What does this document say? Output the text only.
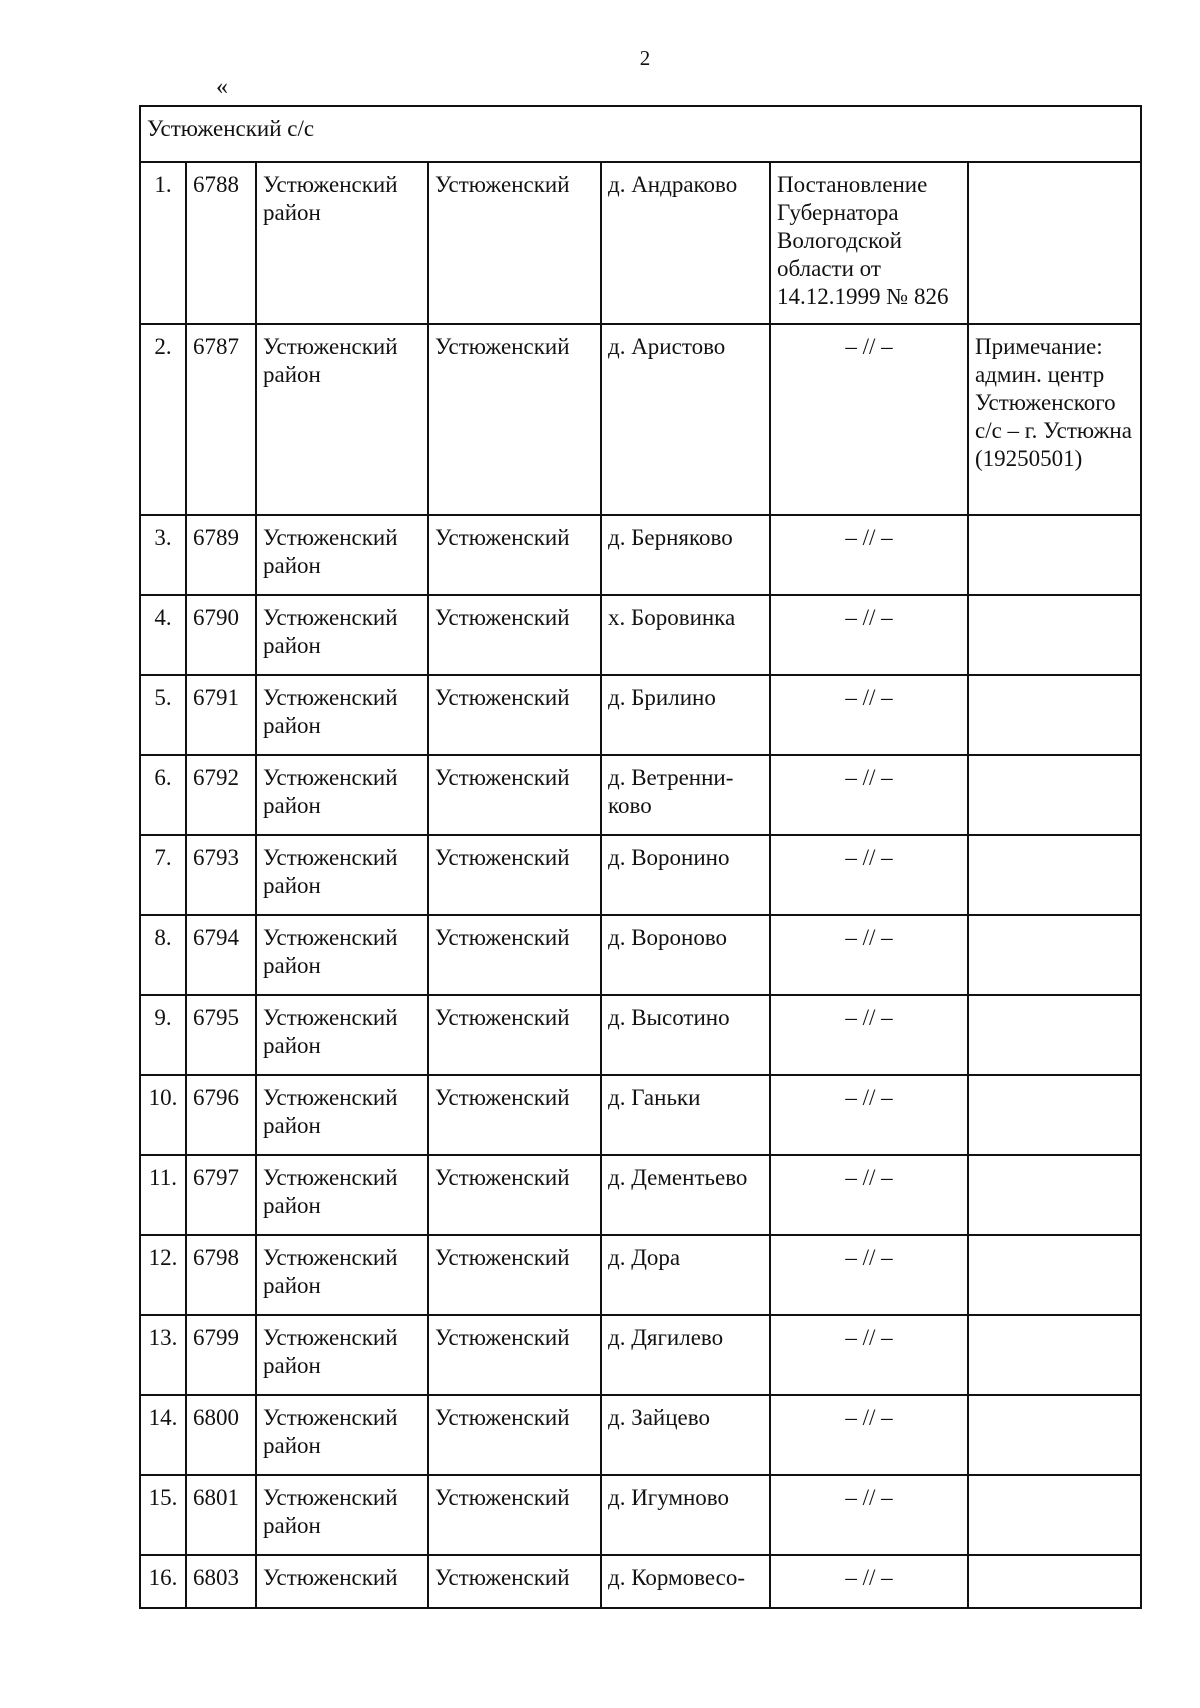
2
«
Устюженский с/с						
1.	6788	Устюженский район	Устюженский	д. Андраково	Постановление Губернатора Вологодской области от 14.12.1999 № 826	
2.	6787	Устюженский район	Устюженский	д. Аристово	– // –	Примечание: админ. центр Устюженского с/с – г. Устюжна (19250501)
3.	6789	Устюженский район	Устюженский	д. Берняково	– // –	
4.	6790	Устюженский район	Устюженский	х. Боровинка	– // –	
5.	6791	Устюженский район	Устюженский	д. Брилино	– // –	
6.	6792	Устюженский район	Устюженский	д. Ветренни-ково	– // –	
7.	6793	Устюженский район	Устюженский	д. Воронино	– // –	
8.	6794	Устюженский район	Устюженский	д. Вороново	– // –	
9.	6795	Устюженский район	Устюженский	д. Высотино	– // –	
10.	6796	Устюженский район	Устюженский	д. Ганьки	– // –	
11.	6797	Устюженский район	Устюженский	д. Дементьево	– // –	
12.	6798	Устюженский район	Устюженский	д. Дора	– // –	
13.	6799	Устюженский район	Устюженский	д. Дягилево	– // –	
14.	6800	Устюженский район	Устюженский	д. Зайцево	– // –	
15.	6801	Устюженский район	Устюженский	д. Игумново	– // –	
16.	6803	Устюженский	Устюженский	д. Кормовесо-	– // –	
